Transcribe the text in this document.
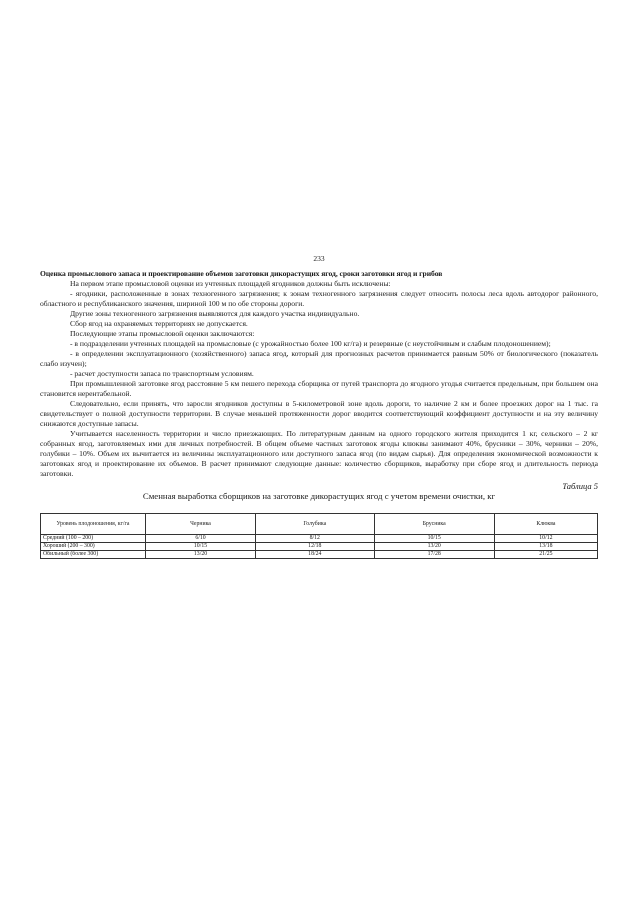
233

Оценка промыслового запаса и проектирование объемов заготовки дикорастущих ягод, сроки заготовки ягод и грибов

На первом этапе промысловой оценки из учтенных площадей ягодников должны быть исключены:

- ягодники, расположенные в зонах техногенного загрязнения; к зонам техногенного загрязнения следует относить полосы леса вдоль автодорог районного, областного и республиканского значения, шириной 100 м по обе стороны дороги.

Другие зоны техногенного загрязнения выявляются для каждого участка индивидуально.

Сбор ягод на охраняемых территориях не допускается.

Последующие этапы промысловой оценки заключаются:

- в подразделении учтенных площадей на промысловые (с урожайностью более 100 кг/га) и резервные (с неустойчивым и слабым плодоношением);

- в определении эксплуатационного (хозяйственного) запаса ягод, который для прогнозных расчетов принимается равным 50% от биологического (показатель слабо изучен);

- расчет доступности запаса по транспортным условиям.

При промышленной заготовке ягод расстояние 5 км пешего перехода сборщика от путей транспорта до ягодного угодья считается предельным, при большем она становится нерентабельной.

Следовательно, если принять, что заросли ягодников доступны в 5-километровой зоне вдоль дороги, то наличие 2 км и более проезжих дорог на 1 тыс. га свидетельствует о полной доступности территории. В случае меньшей протяженности дорог вводится соответствующий коэффициент доступности и на эту величину снижаются доступные запасы.

Учитывается населенность территории и число приезжающих. По литературным данным на одного городского жителя приходится 1 кг, сельского – 2 кг собранных ягод, заготовляемых ими для личных потребностей. В общем объеме частных заготовок ягоды клюквы занимают 40%, брусники – 30%, черники – 20%, голубики – 10%. Объем их вычитается из величины эксплуатационного или доступного запаса ягод (по видам сырья). Для определения экономической возможности к заготовках ягод и проектирование их объемов. В расчет принимают следующие данные: количество сборщиков, выработку при сборе ягод и длительность периода заготовки.

Таблица 5
Сменная выработка сборщиков на заготовке дикорастущих ягод с учетом времени очистки, кг
Уровень плодоношения, кг/га	Черника	Голубика	Брусника	Клюква
Средний (100 – 200)	6/10	8/12	10/15	10/12
Хороший (200 – 300)	10/15	12/18	13/20	13/18
Обильный (более 300)	13/20	18/24	17/28	21/25
